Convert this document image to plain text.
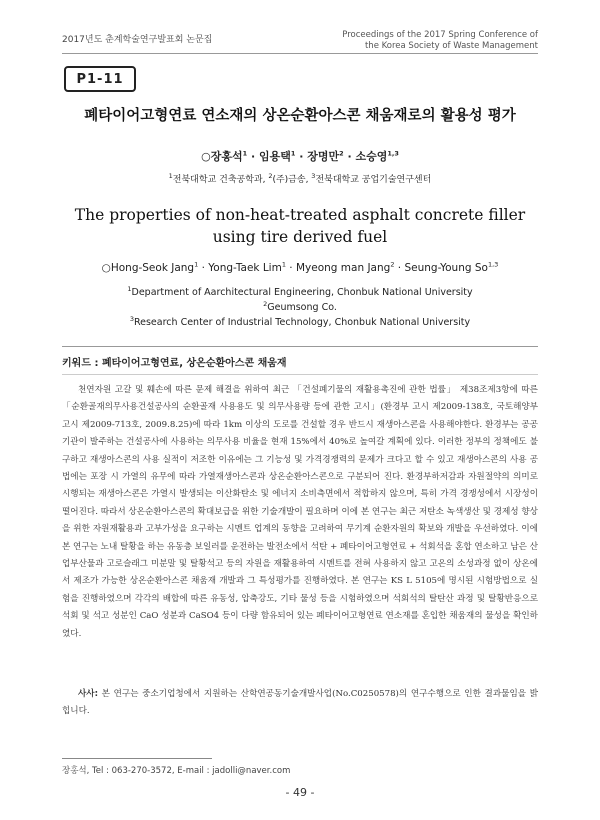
2017년도 춘계학술연구발표회 논문집	Proceedings of the 2017 Spring Conference of
the Korea Society of Waste Management
P1-11
폐타이어고형연료 연소재의 상온순환아스콘 채움재로의 활용성 평가
○장홍석$^1$ · 임용택$^1$ · 장명만$^2$ · 소승영$^{1,3}$
$^1$전북대학교 건축공학과, $^2$(주)금송, $^3$전북대학교 공업기술연구센터
The properties of non-heat-treated asphalt concrete filler
using tire derived fuel
○Hong-Seok Jang$^1$ · Yong-Taek Lim$^1$ · Myeong man Jang$^2$ · Seung-Young So$^{1,3}$
$^1$Department of Aarchitectural Engineering, Chonbuk National University
$^2$Geumsong Co.
$^3$Research Center of Industrial Technology, Chonbuk National University
키워드 : 폐타이어고형연료, 상온순환아스콘 채움재
천연자원 고갈 및 훼손에 따른 문제 해결을 위하여 최근 「건설폐기물의 재활용촉진에 관한 법률」 제38조제3항에 따른 「순환골재의무사용건설공사의 순환골재 사용용도 및 의무사용량 등에 관한 고시」(환경부 고시 제2009-138호, 국토해양부 고시 제2009-713호, 2009.8.25)에 따라 1km 이상의 도로를 건설할 경우 반드시 재생아스콘을 사용해야한다. 환경부는 공공기관이 발주하는 건설공사에 사용하는 의무사용 비율을 현재 15%에서 40%로 높여갈 계획에 있다. 이러한 정부의 정책에도 불구하고 재생아스콘의 사용 실적이 저조한 이유에는 그 기능성 및 가격경쟁력의 문제가 크다고 할 수 있고 재생아스콘의 사용 공법에는 포장 시 가열의 유무에 따라 가열재생아스콘과 상온순환아스콘으로 구분되어 진다. 환경부하저감과 자원절약의 의미로 시행되는 재생아스콘은 가열시 발생되는 이산화탄소 및 에너지 소비측면에서 적합하지 않으며, 특히 가격 경쟁성에서 시장성이 떨어진다. 따라서 상온순환아스콘의 확대보급을 위한 기술개발이 필요하며 이에 본 연구는 최근 저탄소 녹색생산 및 경제성 향상을 위한 자원재활용과 고부가성을 요구하는 시멘트 업계의 동향을 고려하여 무기계 순환자원의 확보와 개발을 우선하였다. 이에 본 연구는 노내 탈황을 하는 유동층 보일러를 운전하는 발전소에서 석탄 + 폐타이어고형연료 + 석회석을 혼합 연소하고 남은 산업부산물과 고로슬래그 미분말 및 탈황석고 등의 자원을 재활용하여 시멘트를 전혀 사용하지 않고 고온의 소성과정 없이 상온에서 제조가 가능한 상온순환아스콘 채움재 개발과 그 특성평가를 진행하였다. 본 연구는 KS L 5105에 명시된 시험방법으로 실험을 진행하였으며 각각의 배합에 따른 유동성, 압축강도, 기타 물성 등을 시험하였으며 석회석의 탈탄산 과정 및 탈황반응으로 석회 및 석고 성분인 CaO 성분과 CaSO4 등이 다량 함유되어 있는 폐타이어고형연료 연소재를 혼입한 채움재의 물성을 확인하였다.
사사: 본 연구는 중소기업청에서 지원하는 산학연공동기술개발사업(No.C0250578)의 연구수행으로 인한 결과물임을 밝힙니다.
장홍석, Tel : 063-270-3572, E-mail : jadolli@naver.com
- 49 -
